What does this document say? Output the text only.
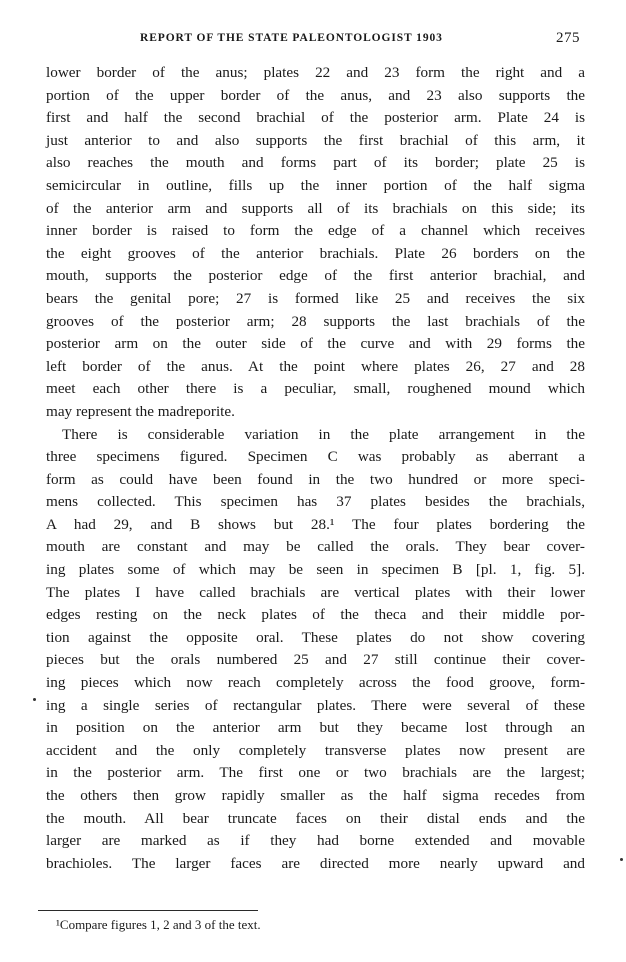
REPORT OF THE STATE PALEONTOLOGIST 1903	275
lower border of the anus; plates 22 and 23 form the right and a
portion of the upper border of the anus, and 23 also supports the
first and half the second brachial of the posterior arm. Plate 24 is
just anterior to and also supports the first brachial of this arm, it
also reaches the mouth and forms part of its border; plate 25 is
semicircular in outline, fills up the inner portion of the half sigma
of the anterior arm and supports all of its brachials on this side; its
inner border is raised to form the edge of a channel which receives
the eight grooves of the anterior brachials. Plate 26 borders on the
mouth, supports the posterior edge of the first anterior brachial, and
bears the genital pore; 27 is formed like 25 and receives the six
grooves of the posterior arm; 28 supports the last brachials of the
posterior arm on the outer side of the curve and with 29 forms the
left border of the anus. At the point where plates 26, 27 and 28
meet each other there is a peculiar, small, roughened mound which
may represent the madreporite.
There is considerable variation in the plate arrangement in the
three specimens figured. Specimen C was probably as aberrant a
form as could have been found in the two hundred or more speci-
mens collected. This specimen has 37 plates besides the brachials,
A had 29, and B shows but 28.¹ The four plates bordering the
mouth are constant and may be called the orals. They bear cover-
ing plates some of which may be seen in specimen B [pl. 1, fig. 5].
The plates I have called brachials are vertical plates with their lower
edges resting on the neck plates of the theca and their middle por-
tion against the opposite oral. These plates do not show covering
pieces but the orals numbered 25 and 27 still continue their cover-
ing pieces which now reach completely across the food groove, form-
ing a single series of rectangular plates. There were several of these
in position on the anterior arm but they became lost through an
accident and the only completely transverse plates now present are
in the posterior arm. The first one or two brachials are the largest;
the others then grow rapidly smaller as the half sigma recedes from
the mouth. All bear truncate faces on their distal ends and the
larger are marked as if they had borne extended and movable
brachioles. The larger faces are directed more nearly upward and
¹Compare figures 1, 2 and 3 of the text.
